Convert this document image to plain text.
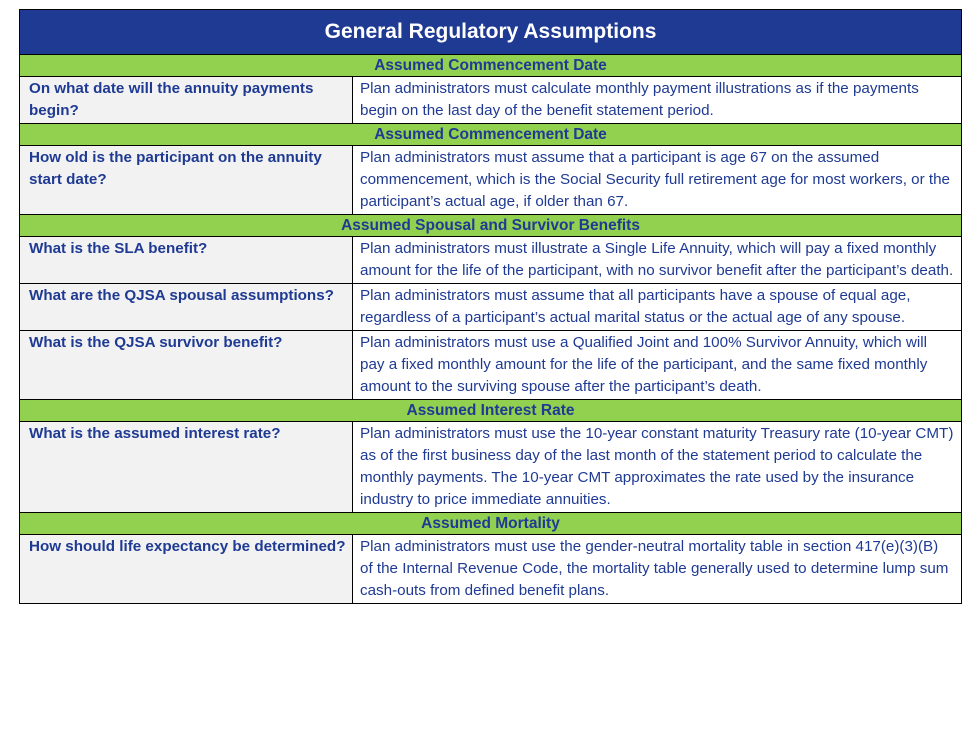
General Regulatory Assumptions	
Assumed Commencement Date	
On what date will the annuity payments begin?	Plan administrators must calculate monthly payment illustrations as if the payments begin on the last day of the benefit statement period.
Assumed Commencement Date	
How old is the participant on the annuity start date?	Plan administrators must assume that a participant is age 67 on the assumed commencement, which is the Social Security full retirement age for most workers, or the participant’s actual age, if older than 67.
Assumed Spousal and Survivor Benefits	
What is the SLA benefit?	Plan administrators must illustrate a Single Life Annuity, which will pay a fixed monthly amount for the life of the participant, with no survivor benefit after the participant’s death.
What are the QJSA spousal assumptions?	Plan administrators must assume that all participants have a spouse of equal age, regardless of a participant’s actual marital status or the actual age of any spouse.
What is the QJSA survivor benefit?	Plan administrators must use a Qualified Joint and 100% Survivor Annuity, which will pay a fixed monthly amount for the life of the participant, and the same fixed monthly amount to the surviving spouse after the participant’s death.
Assumed Interest Rate	
What is the assumed interest rate?	Plan administrators must use the 10-year constant maturity Treasury rate (10-year CMT) as of the first business day of the last month of the statement period to calculate the monthly payments. The 10-year CMT approximates the rate used by the insurance industry to price immediate annuities.
Assumed Mortality	
How should life expectancy be determined?	Plan administrators must use the gender-neutral mortality table in section 417(e)(3)(B) of the Internal Revenue Code, the mortality table generally used to determine lump sum cash-outs from defined benefit plans.
